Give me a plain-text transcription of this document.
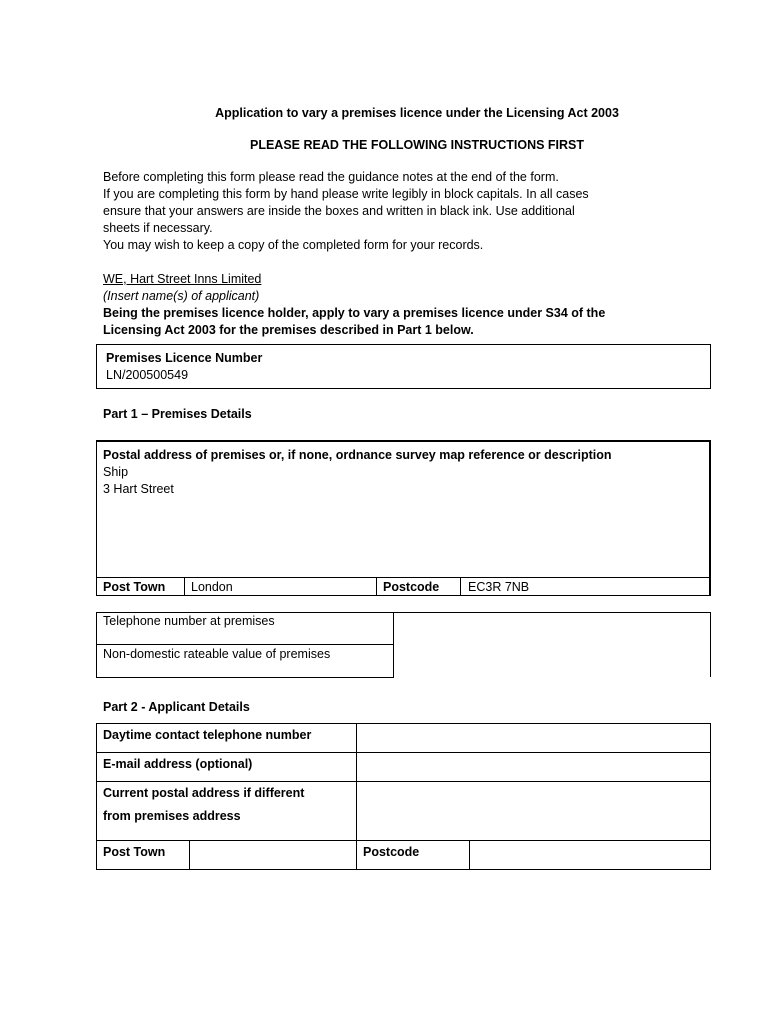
Application to vary a premises licence under the Licensing Act 2003
PLEASE READ THE FOLLOWING INSTRUCTIONS FIRST
Before completing this form please read the guidance notes at the end of the form.
If you are completing this form by hand please write legibly in block capitals. In all cases
ensure that your answers are inside the boxes and written in black ink. Use additional
sheets if necessary.
You may wish to keep a copy of the completed form for your records.
WE, Hart Street Inns Limited
(Insert name(s) of applicant)
Being the premises licence holder, apply to vary a premises licence under S34 of the
Licensing Act 2003 for the premises described in Part 1 below.
Premises Licence Number
LN/200500549
Part 1 – Premises Details
Postal address of premises or, if none, ordnance survey map reference or description
Ship
3 Hart Street
Post Town London	Postcode EC3R 7NB
Telephone number at premises
Non-domestic rateable value of premises
Part 2 - Applicant Details
Daytime contact telephone number
E-mail address (optional)
Current postal address if different
from premises address
Post Town	Postcode
